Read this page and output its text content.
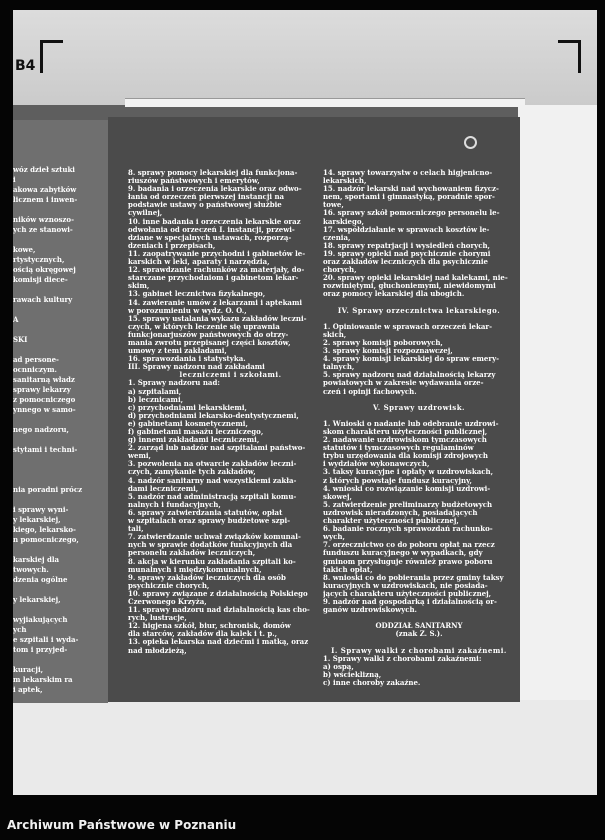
B4
wóz dzieł sztuki
i
akowa zabytków
licznem i inwen-
ników wznoszo-
ych ze stanowi-
kowe,
rtystycznych,
ością okręgowej
komisji diece-
rawach kultury
A
SKI
ad persone-
ocnniczym.
sanitarną władz
sprawy lekarzy
z pomocniczego
ynnego w samo-
nego nadzoru,
stytami i techni-
nia poradni prócz
i sprawy wyni-
y lekarskiej,
kiego, lekarsko-
n pomocniczego,
karskiej dla
twowych.
dzenia ogólne
y lekarskiej,
wyjiakujących
ych
e szpitali i wyda-
tom i przyjed-
kuracji,
m lekarskim ra
i aptek,
8. sprawy pomocy lekarskiej dla funkcjona-
riuszów państwowych i emerytów,
9. badania i orzeczenia lekarskie oraz odwo-
łania od orzeczeń pierwszej instancji na
podstawie ustawy o państwowej służbie
cywilnej,
10. inne badania i orzeczenia lekarskie oraz
odwołania od orzeczeń I. instancji, przewi-
dziane w specjalnych ustawach, rozporzą-
dzeniach i przepisach,
11. zaopatrywanie przychodni i gabinetów le-
karskich w leki, aparaty i narzędzia,
12. sprawdzanie rachunków za materjały, do-
starczane przychodniom i gabinetom lekar-
skim,
13. gabinet lecznictwa fizykalnego,
14. zawieranie umów z lekarzami i aptekami
w porozumieniu w wydz. O. O.,
15. sprawy ustalania wykazu zakładów leczni-
czych, w których leczenie się uprawnia
funkcjonarjuszów państwowych do otrzy-
mania zwrotu przepisanej części kosztów,
umowy z temi zakładami,
16. sprawozdania i statystyka.
III. Sprawy nadzoru nad zakładami
leczniczemi i szkołami.
1. Sprawy nadzoru nad:
a) szpitalami,
b) lecznicami,
c) przychodniami lekarskiemi,
d) przychodniami lekarsko-dentystycznemi,
e) gabinetami kosmetycznemi,
f) gabinetami masażu leczniczego,
g) innemi zakładami leczniczemi,
2. zarząd lub nadzór nad szpitalami państwo-
wemi,
3. pozwolenia na otwarcie zakładów leczni-
czych, zamykanie tych zakładów,
4. nadzór sanitarny nad wszystkiemi zakła-
dami leczniczemi,
5. nadzór nad administracją szpitali komu-
nalnych i fundacyjnych,
6. sprawy zatwierdzania statutów, opłat
w szpitalach oraz sprawy budżetowe szpi-
tali,
7. zatwierdzanie uchwał związków komunal-
nych w sprawie dodatków funkcyjnych dla
personelu zakładów leczniczych,
8. akcja w kierunku zakładania szpitali ko-
munalnych i międzykomunalnych,
9. sprawy zakładów leczniczych dla osób
psychicznie chorych,
10. sprawy związane z działalnością Polskiego
Czerwonego Krzyża,
11. sprawy nadzoru nad działalnością kas cho-
rych, lustracje,
12. higjena szkół, biur, schronisk, domów
dla starców, zakładów dla kalek i t. p.,
13. opieka lekarska nad dziećmi i matką, oraz
nad młodzieżą,
14. sprawy towarzystw o celach higjenicno-
lekarskich,
15. nadzór lekarski nad wychowaniem fizycz-
nem, sportami i gimnastyką, poradnie spor-
towe,
16. sprawy szkół pomocniczego personelu le-
karskiego,
17. współdziałanie w sprawach kosztów le-
czenia,
18. sprawy repatrjacji i wysiedleń chorych,
19. sprawy opieki nad psychicznie chorymi
oraz zakładów leczniczych dla psychicznie
chorych,
20. sprawy opieki lekarskiej nad kalekami, nie-
rozwiniętymi, głuchoniemymi, niewidomymi
oraz pomocy lekarskiej dla ubogich.
IV. Sprawy orzecznictwa lekarskiego.
1. Opiniowanie w sprawach orzeczeń lekar-
skich,
2. sprawy komisji poborowych,
3. sprawy komisji rozpoznawczej,
4. sprawy komisji lekarskiej do spraw emery-
talnych,
5. sprawy nadzoru nad działalnością lekarzy
powiatowych w zakresie wydawania orze-
czeń i opinji fachowych.
V. Sprawy uzdrowisk.
1. Wnioski o nadanie lub odebranie uzdrowi-
skom charakteru użyteczności publicznej,
2. nadawanie uzdrowiskom tymczasowych
statutów i tymczasowych regulaminów
trybu urzędowania dla komisji zdrojowych
i wydziałów wykonawczych,
3. taksy kuracyjne i opłaty w uzdrowiskach,
z których powstaje fundusz kuracyjny,
4. wnioski co rozwiązanie komisji uzdrowi-
skowej,
5. zatwierdzenie preliminarzy budżetowych
uzdrowisk nieradzonych, posiadających
charakter użyteczności publicznej,
6. badanie rocznych sprawozdań rachunko-
wych,
7. orzecznictwo co do poboru opłat na rzecz
funduszu kuracyjnego w wypadkach, gdy
gminom przysługuje również prawo poboru
takich opłat,
8. wnioski co do pobierania przez gminy taksy
kuracyjnych w uzdrowiskach, nie posiada-
jących charakteru użyteczności publicznej,
9. nadzór nad gospodarką i działalnością or-
ganów uzdrowiskowych.
ODDZIAŁ SANITARNY
(znak Z. S.).
I. Sprawy walki z chorobami zakaźnemi.
1. Sprawy walki z chorobami zakaźnemi:
a) ospą,
b) wścieklizną,
c) inne choroby zakaźne.
Archiwum Państwowe w Poznaniu
